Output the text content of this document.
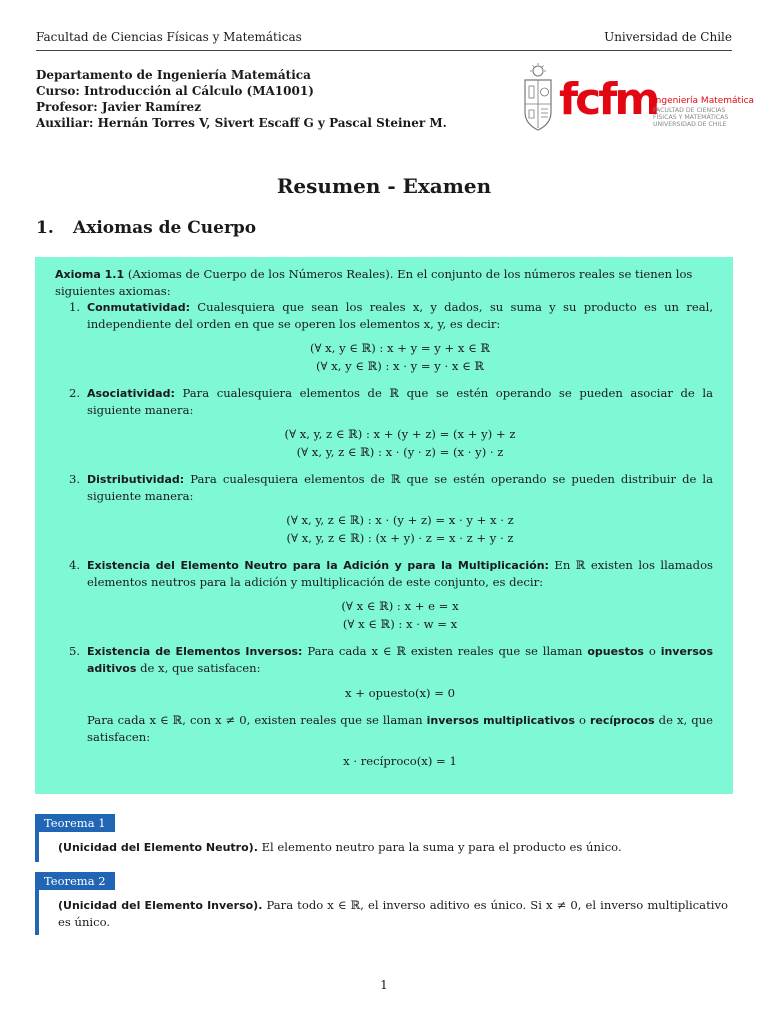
Facultad de Ciencias Físicas y Matemáticas	Universidad de Chile
Departamento de Ingeniería Matemática
Curso: Introducción al Cálculo (MA1001)
Profesor: Javier Ramírez
Auxiliar: Hernán Torres V, Sivert Escaff G y Pascal Steiner M.	fcfm
Ingeniería Matemática
FACULTAD DE CIENCIAS
FÍSICAS Y MATEMÁTICAS
UNIVERSIDAD DE CHILE
Resumen - Examen
1. Axiomas de Cuerpo

Axioma 1.1 (Axiomas de Cuerpo de los Números Reales). En el conjunto de los números reales se tienen los siguientes axiomas:

1. Conmutatividad: Cualesquiera que sean los reales x, y dados, su suma y su producto es un real, independiente del orden en que se operen los elementos x, y, es decir:
(∀ x, y ∈ ℝ) : x + y = y + x ∈ ℝ
(∀ x, y ∈ ℝ) : x · y = y · x ∈ ℝ
2. Asociatividad: Para cualesquiera elementos de ℝ que se estén operando se pueden asociar de la siguiente manera:
(∀ x, y, z ∈ ℝ) : x + (y + z) = (x + y) + z
(∀ x, y, z ∈ ℝ) : x · (y · z) = (x · y) · z
3. Distributividad: Para cualesquiera elementos de ℝ que se estén operando se pueden distribuir de la siguiente manera:
(∀ x, y, z ∈ ℝ) : x · (y + z) = x · y + x · z
(∀ x, y, z ∈ ℝ) : (x + y) · z = x · z + y · z
4. Existencia del Elemento Neutro para la Adición y para la Multiplicación: En ℝ existen los llamados elementos neutros para la adición y multiplicación de este conjunto, es decir:
(∀ x ∈ ℝ) : x + e = x
(∀ x ∈ ℝ) : x · w = x
5. Existencia de Elementos Inversos: Para cada x ∈ ℝ existen reales que se llaman opuestos o inversos aditivos de x, que satisfacen:
x + opuesto(x) = 0
Para cada x ∈ ℝ, con x ≠ 0, existen reales que se llaman inversos multiplicativos o recíprocos de x, que satisfacen:
x · recíproco(x) = 1
Teorema 1
(Unicidad del Elemento Neutro). El elemento neutro para la suma y para el producto es único.
Teorema 2
(Unicidad del Elemento Inverso). Para todo x ∈ ℝ, el inverso aditivo es único. Si x ≠ 0, el inverso multiplicativo es único.
1
